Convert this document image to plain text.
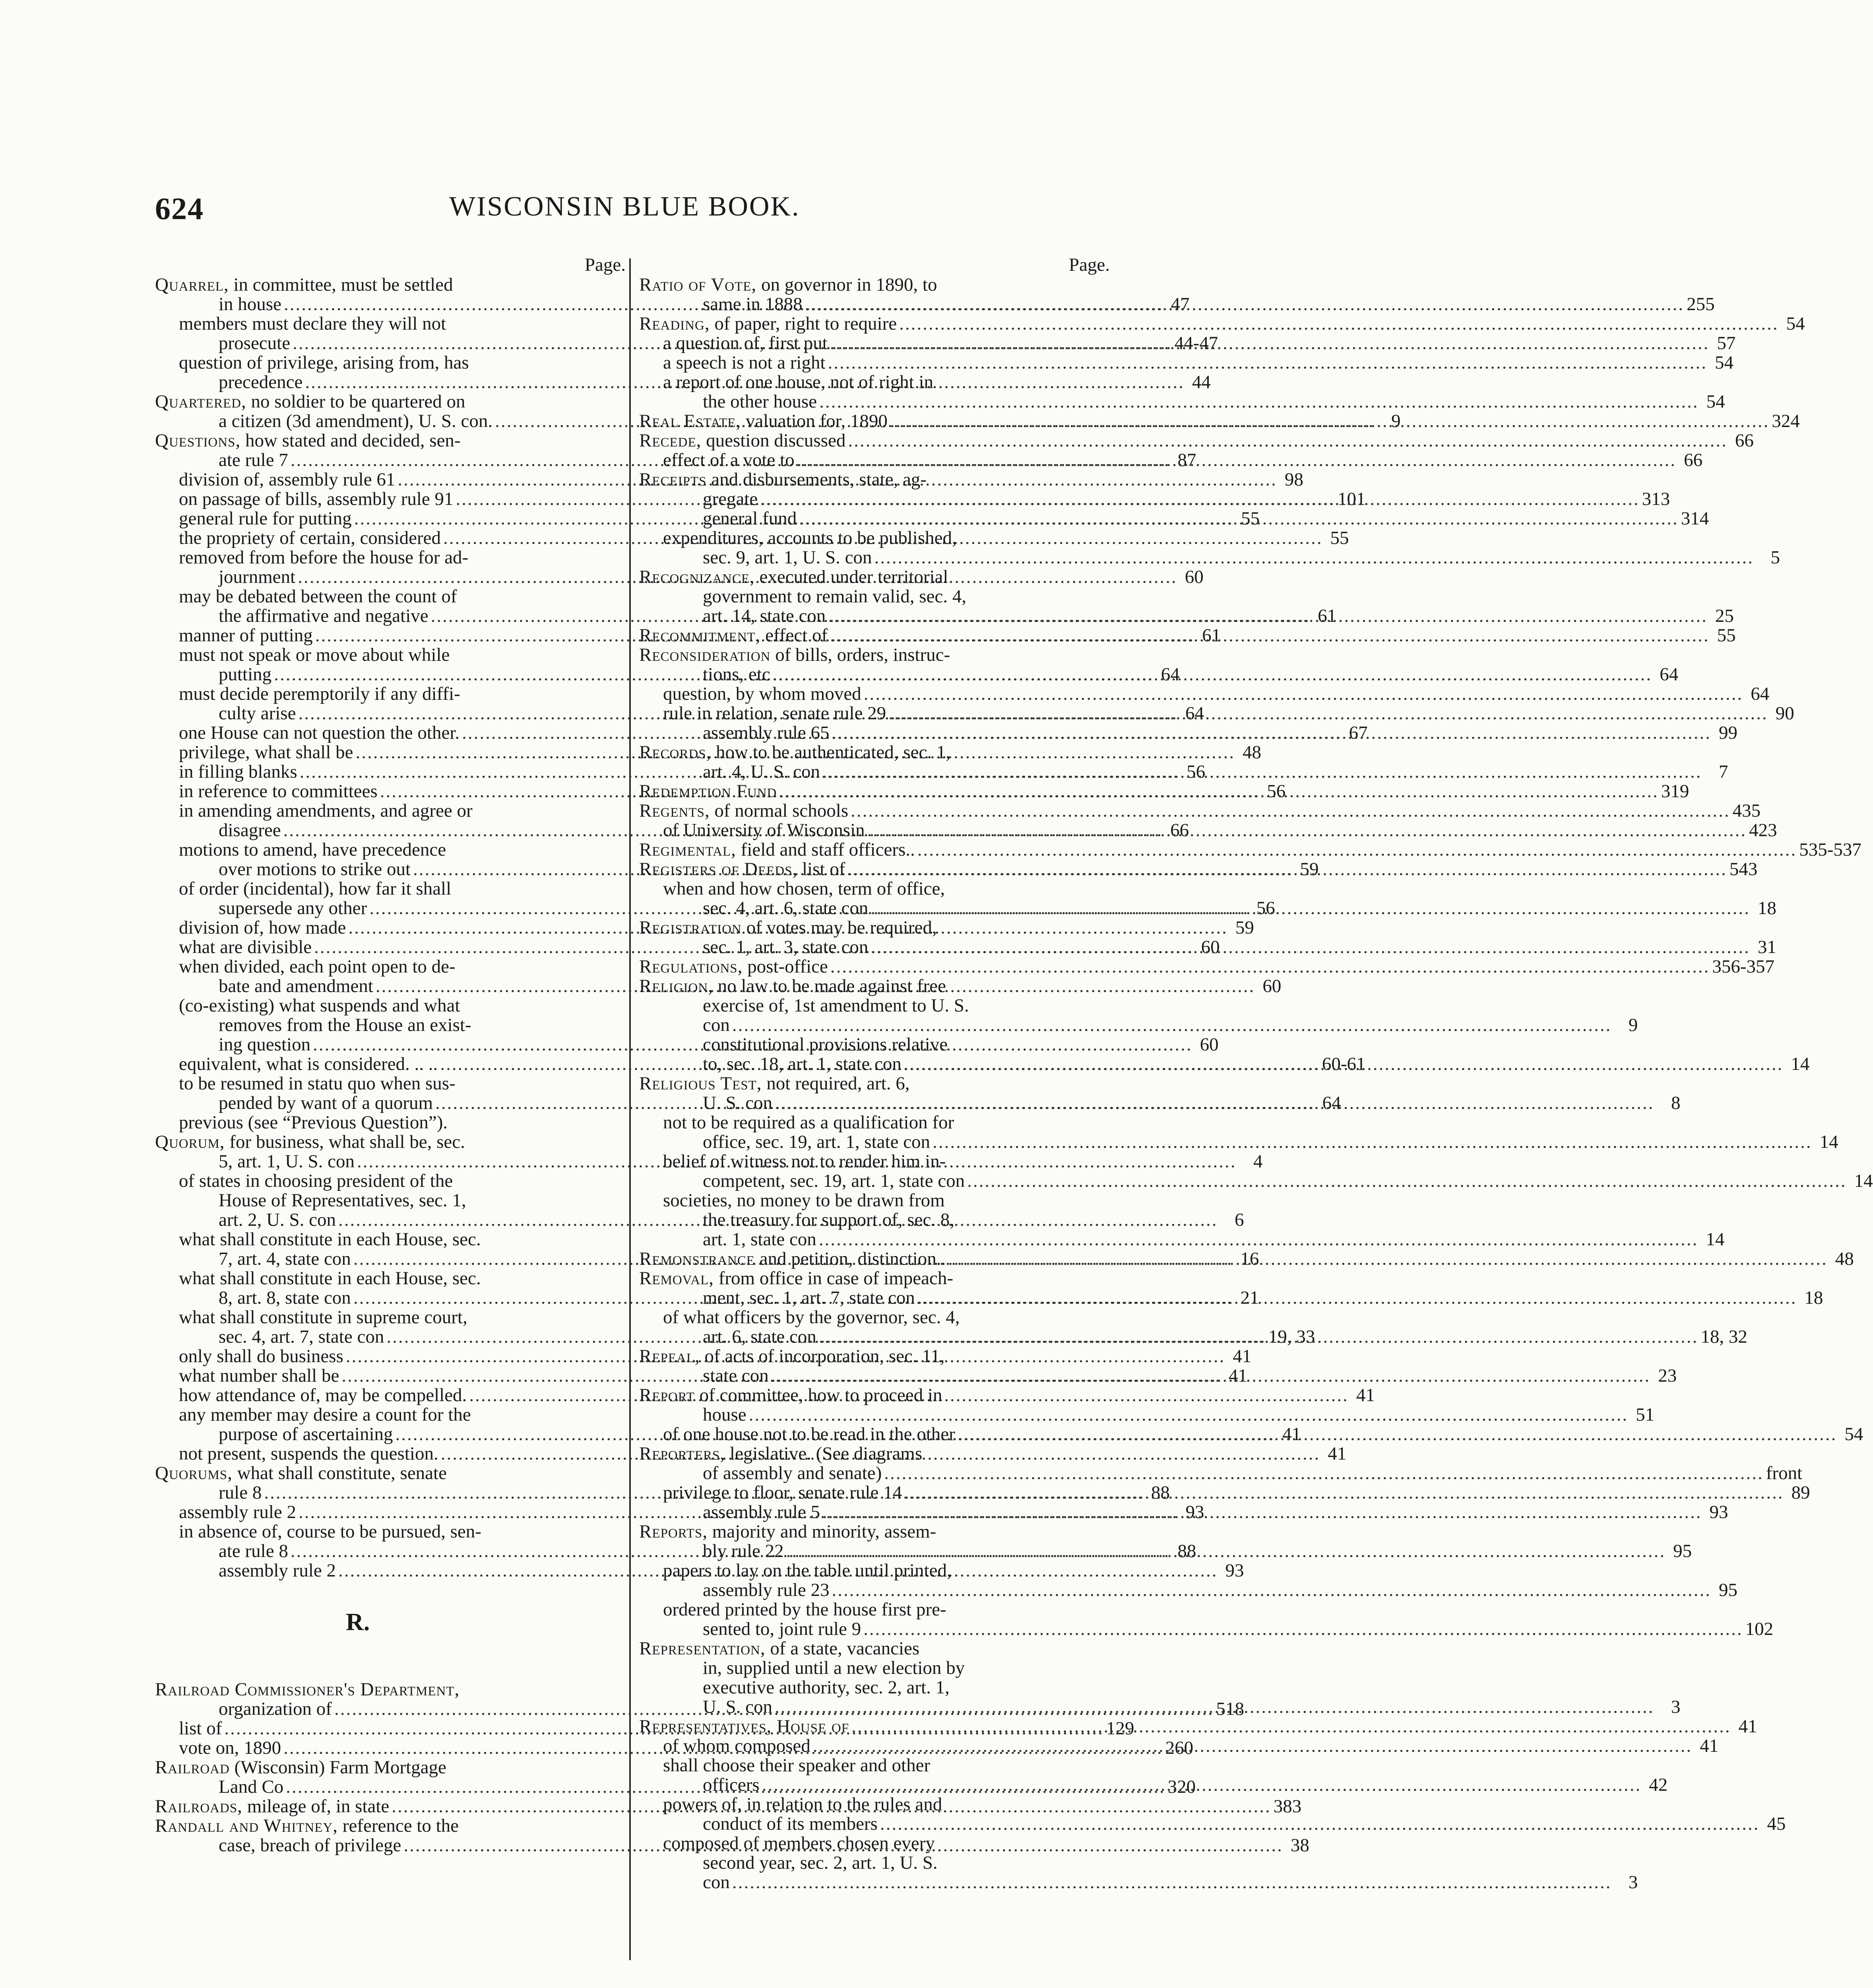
624	WISCONSIN BLUE BOOK.
Page.
Quarrel, in committee, must be settled
in house .....	47
members must declare they will not
prosecute .....	44-47
question of privilege, arising from, has
precedence .....	44
Quartered, no soldier to be quartered on
a citizen (3d amendment), U. S. con. .....	9
Questions, how stated and decided, sen-
ate rule 7 .....	87
division of, assembly rule 61 .....	98
on passage of bills, assembly rule 91 .....	101
general rule for putting .....	55
the propriety of certain, considered .....	55
removed from before the house for ad-
journment .....	60
may be debated between the count of
the affirmative and negative .....	61
manner of putting .....	61
must not speak or move about while
putting .....	64
must decide peremptorily if any diffi-
culty arise .....	64
one House can not question the other. .....	67
privilege, what shall be .....	48
in filling blanks .....	56
in reference to committees .....	56
in amending amendments, and agree or
disagree .....	66
motions to amend, have precedence
over motions to strike out .....	59
of order (incidental), how far it shall
supersede any other .....	56
division of, how made .....	59
what are divisible .....	60
when divided, each point open to de-
bate and amendment .....	60
(co-existing) what suspends and what
removes from the House an exist-
ing question .....	60
equivalent, what is considered. .. .. .....	60-61
to be resumed in statu quo when sus-
pended by want of a quorum .....	64
previous (see “Previous Question”).
Quorum, for business, what shall be, sec.
5, art. 1, U. S. con .....	4
of states in choosing president of the
House of Representatives, sec. 1,
art. 2, U. S. con .....	6
what shall constitute in each House, sec.
7, art. 4, state con .....	16
what shall constitute in each House, sec.
8, art. 8, state con .....	21
what shall constitute in supreme court,
sec. 4, art. 7, state con .....	19, 33
only shall do business .....	41
what number shall be .....	41
how attendance of, may be compelled. .....	41
any member may desire a count for the
purpose of ascertaining .....	41
not present, suspends the question. .....	41
Quorums, what shall constitute, senate
rule 8 .....	88
assembly rule 2 .....	93
in absence of, course to be pursued, sen-
ate rule 8 .....	88
assembly rule 2 .....	93
R.
Railroad Commissioner's Department,
organization of .....	518
list of .....	129
vote on, 1890 .....	260
Railroad (Wisconsin) Farm Mortgage
Land Co .....	320
Railroads, mileage of, in state .....	383
Randall and Whitney, reference to the
case, breach of privilege .....	38
Page.
Ratio of Vote, on governor in 1890, to
same in 1888 .....	255
Reading, of paper, right to require .....	54
a question of, first put .....	57
a speech is not a right .....	54
a report of one house, not of right in
the other house .....	54
Real Estate, valuation for, 1890 .....	324
Recede, question discussed .....	66
effect of a vote to .....	66
Receipts and disbursements, state, ag-
gregate .....	313
general fund .....	314
expenditures, accounts to be published,
sec. 9, art. 1, U. S. con .....	5
Recognizance, executed under territorial
government to remain valid, sec. 4,
art. 14, state con .....	25
Recommitment, effect of .....	55
Reconsideration of bills, orders, instruc-
tions, etc .....	64
question, by whom moved .....	64
rule in relation, senate rule 29 .....	90
assembly rule 65 .....	99
Records, how to be authenticated, sec. 1,
art. 4, U. S. con .....	7
Redemption Fund .....	319
Regents, of normal schools .....	435
of University of Wisconsin .....	423
Regimental, field and staff officers.. .....	535-537
Registers of Deeds, list of .....	543
when and how chosen, term of office,
sec. 4, art. 6, state con .....	18
Registration of votes may be required,
sec. 1, art. 3, state con .....	31
Regulations, post-office .....	356-357
Religion, no law to be made against free
exercise of, 1st amendment to U. S.
con .....	9
constitutional provisions relative
to, sec. 18, art. 1, state con .....	14
Religious Test, not required, art. 6,
U. S. con .....	8
not to be required as a qualification for
office, sec. 19, art. 1, state con .....	14
belief of witness not to render him in-
competent, sec. 19, art. 1, state con .....	14
societies, no money to be drawn from
the treasury for support of, sec. 8,
art. 1, state con .....	14
Remonstrance and petition, distinction.. .....	48
Removal, from office in case of impeach-
ment, sec. 1, art. 7, state con .....	18
of what officers by the governor, sec. 4,
art. 6, state con .....	18, 32
Repeal, of acts of incorporation, sec. 11,
state con .....	23
Report of committee, how to proceed in
house .....	51
of one house not to be read in the other .....	54
Reporters, legislative. (See diagrams
of assembly and senate) .....	front
privilege to floor, senate rule 14 .....	89
assembly rule 5 .....	93
Reports, majority and minority, assem-
bly rule 22 .....	95
papers to lay on the table until printed,
assembly rule 23 .....	95
ordered printed by the house first pre-
sented to, joint rule 9 .....	102
Representation, of a state, vacancies
in, supplied until a new election by
executive authority, sec. 2, art. 1,
U. S. con .....	3
Representatives, House of .....	41
of whom composed .....	41
shall choose their speaker and other
officers .....	42
powers of, in relation to the rules and
conduct of its members .....	45
composed of members chosen every
second year, sec. 2, art. 1, U. S.
con .....	3
